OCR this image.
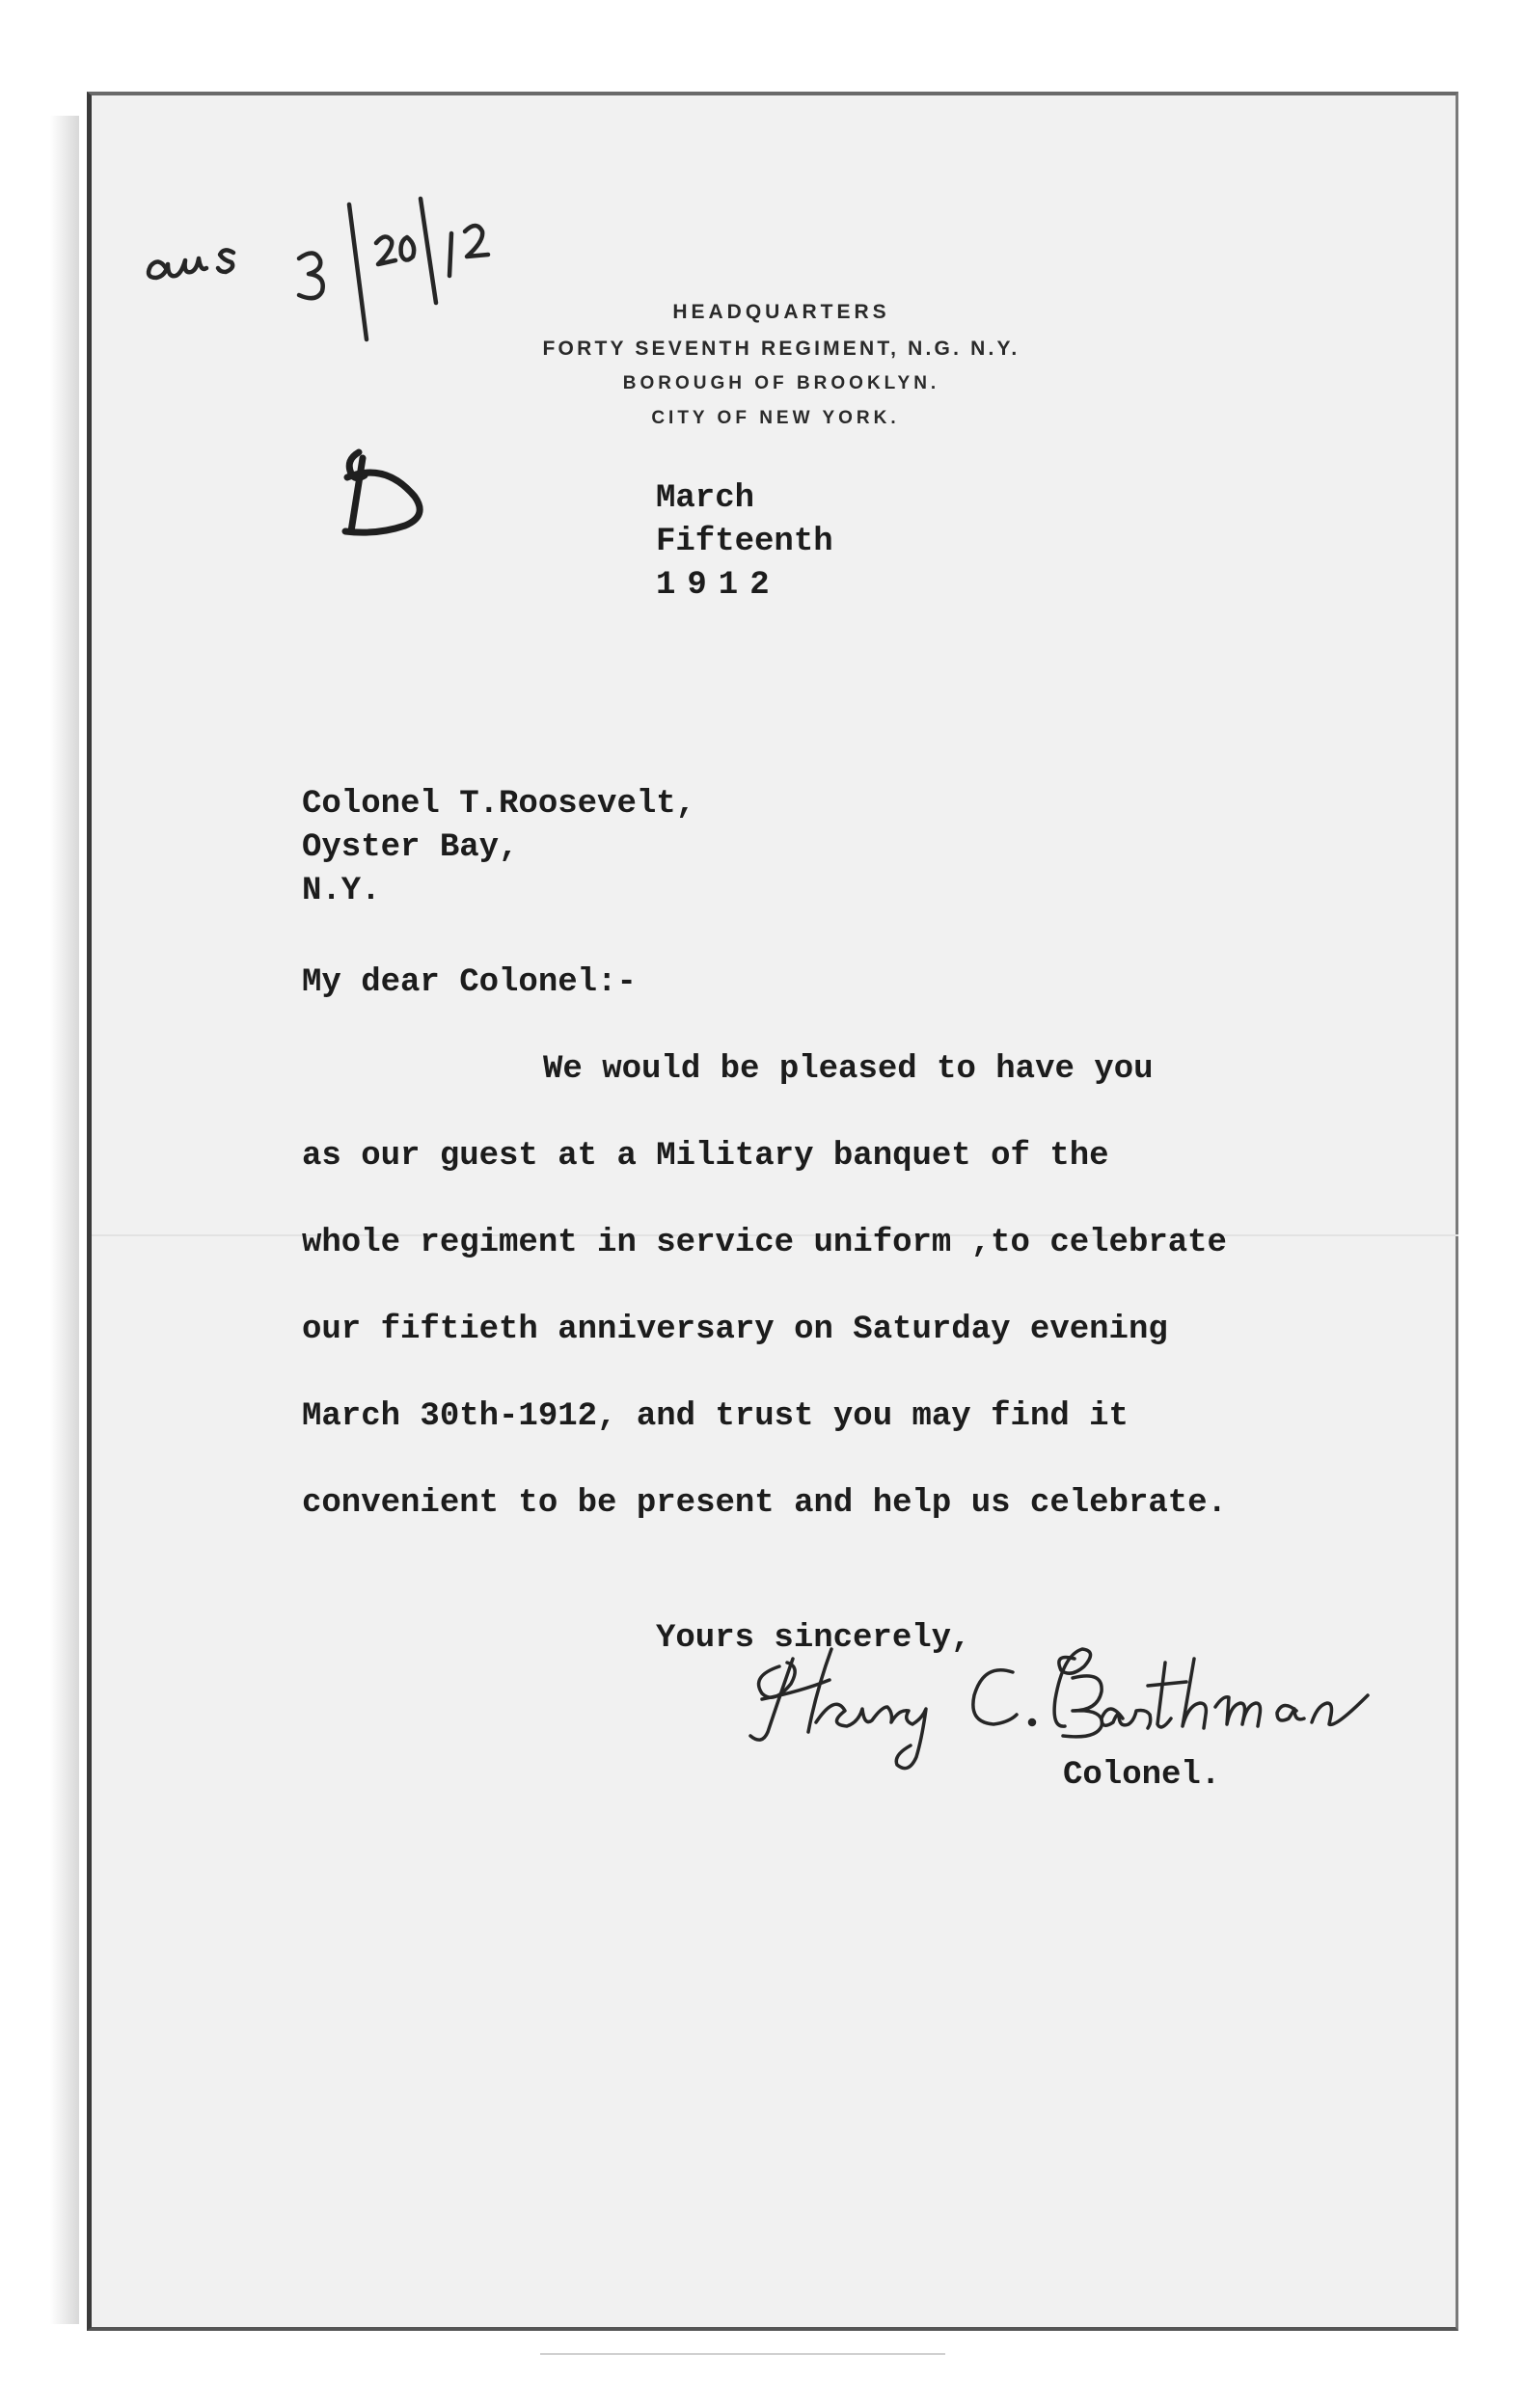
HEADQUARTERS
FORTY SEVENTH REGIMENT, N.G. N.Y.
BOROUGH OF BROOKLYN.
CITY OF NEW YORK.
March
Fifteenth
1912
Colonel T.Roosevelt,
Oyster Bay,
N.Y.
My dear Colonel:-
We would be pleased to have you
as our guest at a Military banquet of the
whole regiment in service uniform ,to celebrate
our fiftieth anniversary on Saturday evening
March 30th-1912, and trust you may find it
convenient to be present and help us celebrate.
Yours sincerely,
Colonel.
